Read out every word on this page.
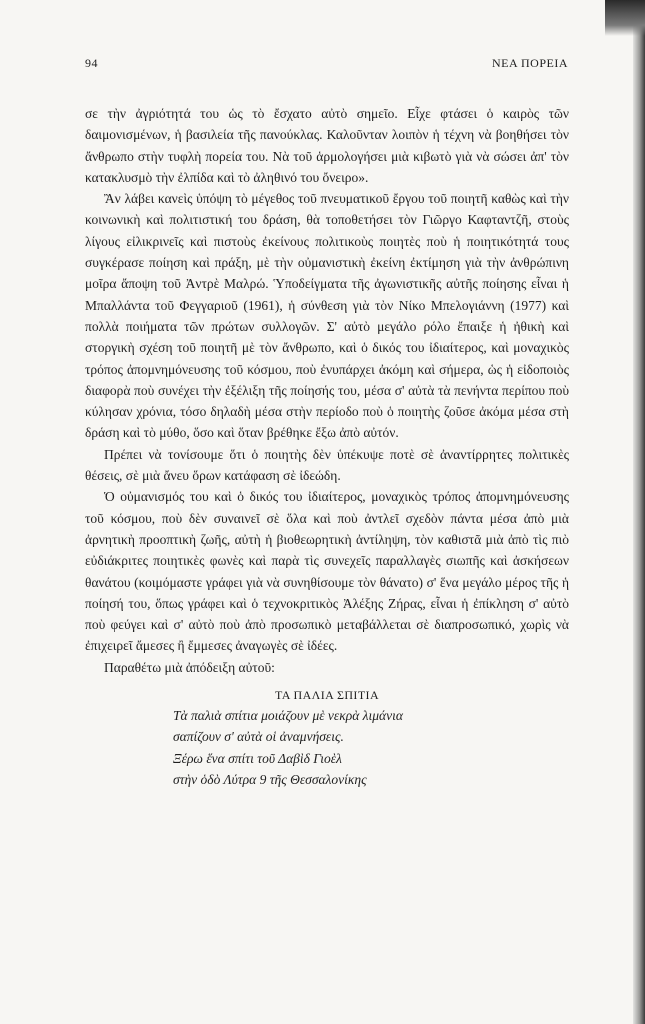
94	ΝΕΑ ΠΟΡΕΙΑ

σε τὴν ἀγριότητά του ὡς τὸ ἔσχατο αὐτὸ σημεῖο. Εἶχε φτάσει ὁ καιρὸς τῶν δαιμονισμένων, ἡ βασιλεία τῆς πανούκλας. Καλοῦνταν λοιπὸν ἡ τέχνη νὰ βοηθήσει τὸν ἄνθρωπο στὴν τυφλὴ πορεία του. Νὰ τοῦ ἁρμολογήσει μιὰ κιβωτὸ γιὰ νὰ σώσει ἀπ' τὸν κατακλυσμὸ τὴν ἐλπίδα καὶ τὸ ἀληθινό του ὄνειρο».

Ἂν λάβει κανεὶς ὑπόψη τὸ μέγεθος τοῦ πνευματικοῦ ἔργου τοῦ ποιητῆ καθὼς καὶ τὴν κοινωνικὴ καὶ πολιτιστική του δράση, θὰ τοποθετήσει τὸν Γιῶργο Καφταντζῆ, στοὺς λίγους εἰλικρινεῖς καὶ πιστοὺς ἐκείνους πολιτικοὺς ποιητὲς ποὺ ἡ ποιητικότητά τους συγκέρασε ποίηση καὶ πράξη, μὲ τὴν οὐμανιστικὴ ἐκείνη ἐκτίμηση γιὰ τὴν ἀνθρώπινη μοῖρα ἄποψη τοῦ Ἀντρὲ Μαλρώ. Ὑποδείγματα τῆς ἀγωνιστικῆς αὐτῆς ποίησης εἶναι ἡ Μπαλλάντα τοῦ Φεγγαριοῦ (1961), ἡ σύνθεση γιὰ τὸν Νίκο Μπελογιάννη (1977) καὶ πολλὰ ποιήματα τῶν πρώτων συλλογῶν. Σ' αὐτὸ μεγάλο ρόλο ἔπαιξε ἡ ἠθικὴ καὶ στοργικὴ σχέση τοῦ ποιητῆ μὲ τὸν ἄνθρωπο, καὶ ὁ δικός του ἰδιαίτερος, καὶ μοναχικὸς τρόπος ἀπομνημόνευσης τοῦ κόσμου, ποὺ ἐνυπάρχει ἀκόμη καὶ σήμερα, ὡς ἡ εἰδοποιὸς διαφορὰ ποὺ συνέχει τὴν ἐξέλιξη τῆς ποίησής του, μέσα σ' αὐτὰ τὰ πενήντα περίπου ποὺ κύλησαν χρόνια, τόσο δηλαδὴ μέσα στὴν περίοδο ποὺ ὁ ποιητὴς ζοῦσε ἀκόμα μέσα στὴ δράση καὶ τὸ μύθο, ὅσο καὶ ὅταν βρέθηκε ἔξω ἀπὸ αὐτόν.

Πρέπει νὰ τονίσουμε ὅτι ὁ ποιητὴς δὲν ὑπέκυψε ποτὲ σὲ ἀναντίρρητες πολιτικὲς θέσεις, σὲ μιὰ ἄνευ ὅρων κατάφαση σὲ ἰδεώδη.

Ὁ οὐμανισμός του καὶ ὁ δικός του ἰδιαίτερος, μοναχικὸς τρόπος ἀπομνημόνευσης τοῦ κόσμου, ποὺ δὲν συναινεῖ σὲ ὅλα καὶ ποὺ ἀντλεῖ σχεδὸν πάντα μέσα ἀπὸ μιὰ ἀρνητικὴ προοπτικὴ ζωῆς, αὐτὴ ἡ βιοθεωρητικὴ ἀντίληψη, τὸν καθιστᾶ μιὰ ἀπὸ τὶς πιὸ εὐδιάκριτες ποιητικὲς φωνὲς καὶ παρὰ τὶς συνεχεῖς παραλλαγὲς σιωπῆς καὶ ἀσκήσεων θανάτου (κοιμόμαστε γράφει γιὰ νὰ συνηθίσουμε τὸν θάνατο) σ' ἕνα μεγάλο μέρος τῆς ἡ ποίησή του, ὅπως γράφει καὶ ὁ τεχνοκριτικὸς Ἀλέξης Ζήρας, εἶναι ἡ ἐπίκληση σ' αὐτὸ ποὺ φεύγει καὶ σ' αὐτὸ ποὺ ἀπὸ προσωπικὸ μεταβάλλεται σὲ διαπροσωπικό, χωρὶς νὰ ἐπιχειρεῖ ἄμεσες ἢ ἔμμεσες ἀναγωγὲς σὲ ἰδέες.

Παραθέτω μιὰ ἀπόδειξη αὐτοῦ:

ΤΑ ΠΑΛΙΑ ΣΠΙΤΙΑ
Τὰ παλιὰ σπίτια μοιάζουν μὲ νεκρὰ λιμάνια
σαπίζουν σ' αὐτὰ οἱ ἀναμνήσεις.
Ξέρω ἕνα σπίτι τοῦ Δαβὶδ Γιοὲλ
στὴν ὁδὸ Λύτρα 9 τῆς Θεσσαλονίκης
